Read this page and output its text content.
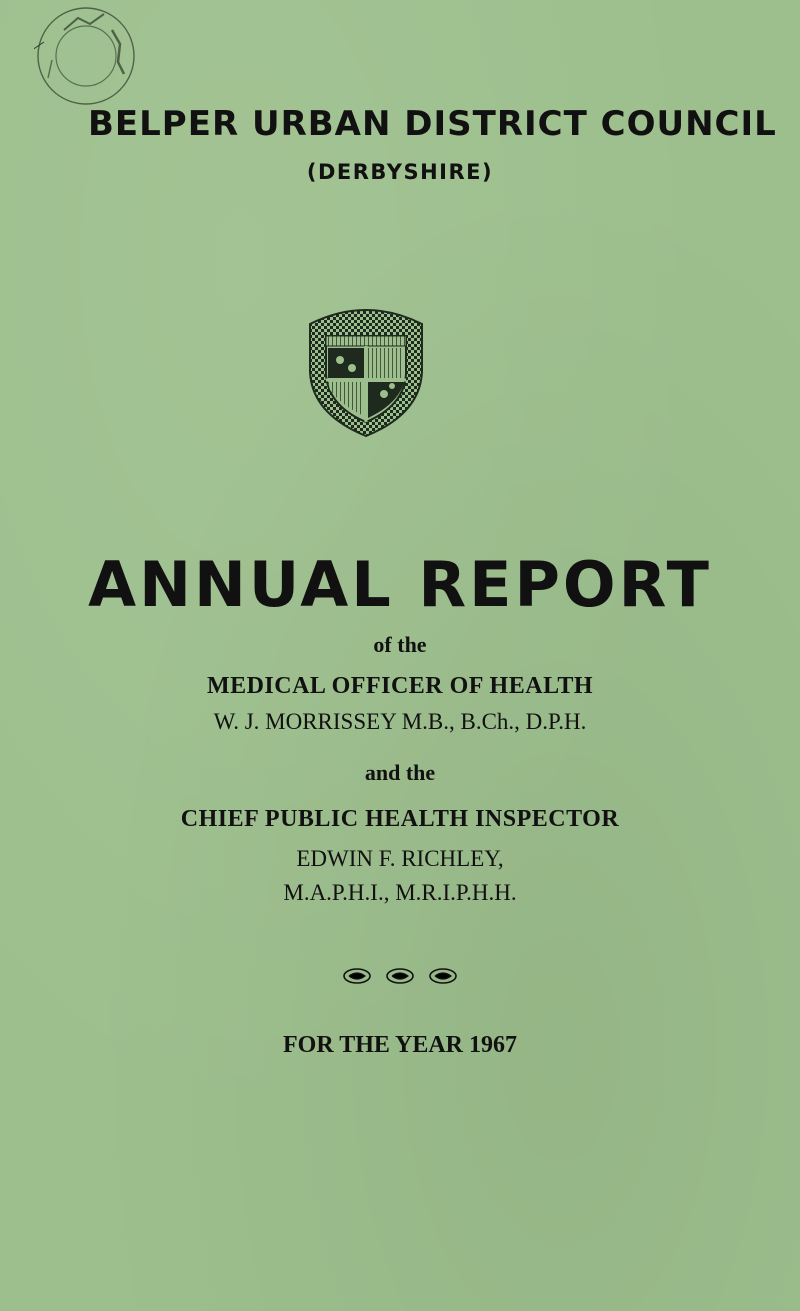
BELPER URBAN DISTRICT COUNCIL
(DERBYSHIRE)
ANNUAL REPORT
of the
MEDICAL OFFICER OF HEALTH
W. J. MORRISSEY M.B., B.Ch., D.P.H.
and the
CHIEF PUBLIC HEALTH INSPECTOR
EDWIN F. RICHLEY,
M.A.P.H.I., M.R.I.P.H.H.
FOR THE YEAR 1967
